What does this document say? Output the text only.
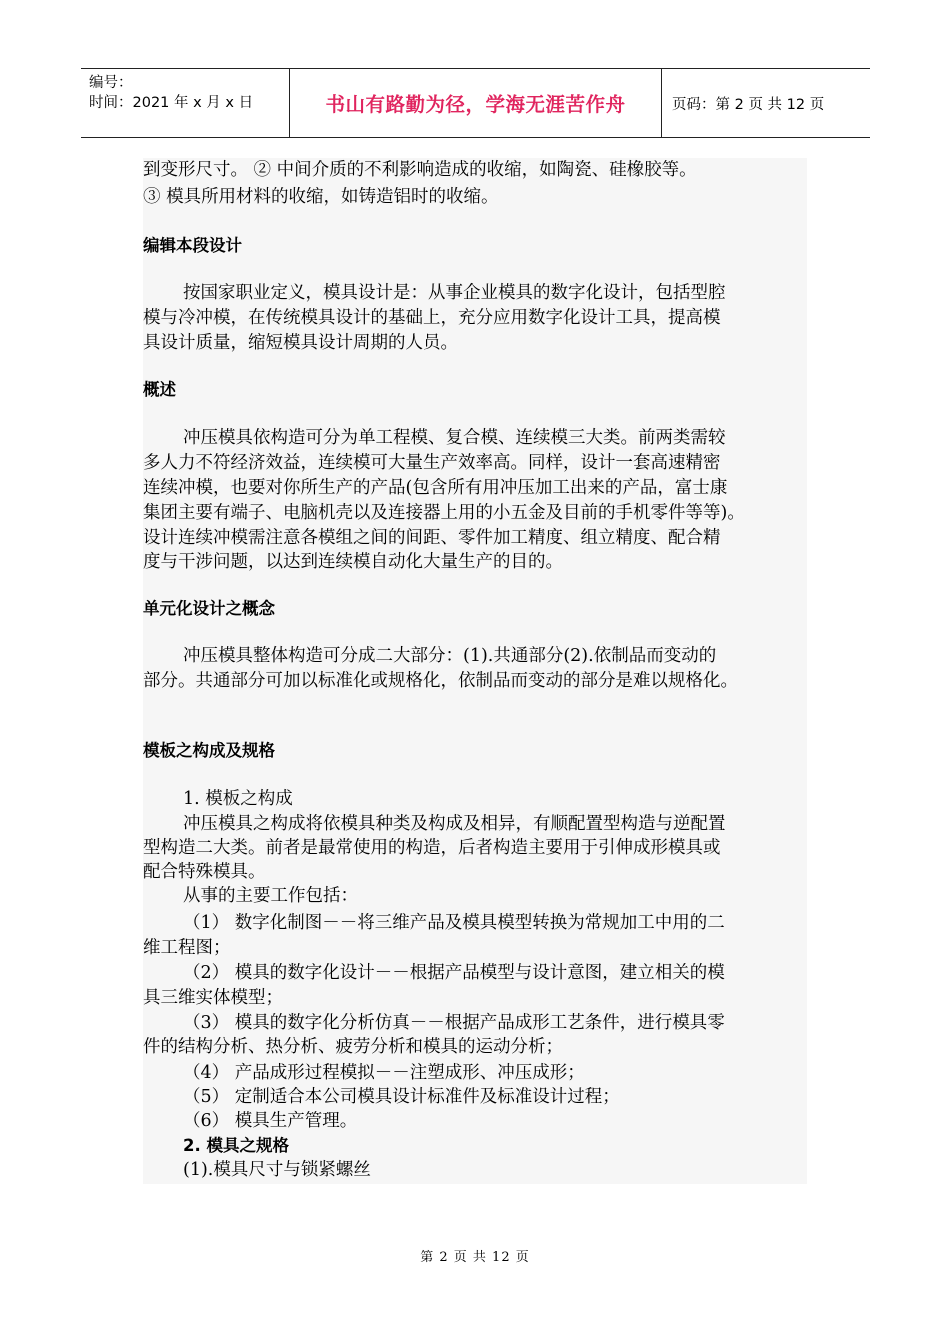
编号：
时间：2021 年 x 月 x 日	书山有路勤为径，学海无涯苦作舟	页码：第 2 页 共 12 页
到变形尺寸。 ② 中间介质的不利影响造成的收缩，如陶瓷、硅橡胶等。
③ 模具所用材料的收缩，如铸造铝时的收缩。
编辑本段设计
按国家职业定义，模具设计是：从事企业模具的数字化设计，包括型腔
模与冷冲模，在传统模具设计的基础上，充分应用数字化设计工具，提高模
具设计质量，缩短模具设计周期的人员。
概述
冲压模具依构造可分为单工程模、复合模、连续模三大类。前两类需较
多人力不符经济效益，连续模可大量生产效率高。同样，设计一套高速精密
连续冲模，也要对你所生产的产品(包含所有用冲压加工出来的产品，富士康
集团主要有端子、电脑机壳以及连接器上用的小五金及目前的手机零件等等)。
设计连续冲模需注意各模组之间的间距、零件加工精度、组立精度、配合精
度与干涉问题，以达到连续模自动化大量生产的目的。
单元化设计之概念
冲压模具整体构造可分成二大部分：(1).共通部分(2).依制品而变动的
部分。共通部分可加以标准化或规格化，依制品而变动的部分是难以规格化。
模板之构成及规格
1. 模板之构成
冲压模具之构成将依模具种类及构成及相异，有顺配置型构造与逆配置
型构造二大类。前者是最常使用的构造，后者构造主要用于引伸成形模具或
配合特殊模具。
从事的主要工作包括：
（1） 数字化制图－－将三维产品及模具模型转换为常规加工中用的二
维工程图；
（2） 模具的数字化设计－－根据产品模型与设计意图，建立相关的模
具三维实体模型；
（3） 模具的数字化分析仿真－－根据产品成形工艺条件，进行模具零
件的结构分析、热分析、疲劳分析和模具的运动分析；
（4） 产品成形过程模拟－－注塑成形、冲压成形；
（5） 定制适合本公司模具设计标准件及标准设计过程；
（6） 模具生产管理。
2. 模具之规格
(1).模具尺寸与锁紧螺丝
第 2 页 共 12 页
